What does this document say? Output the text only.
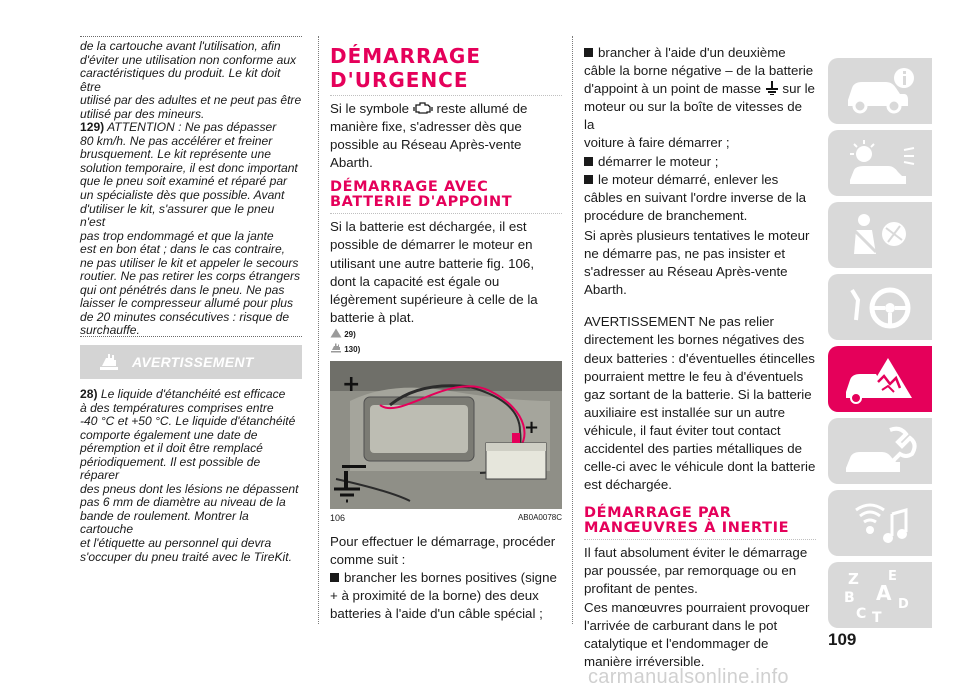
de la cartouche avant l'utilisation, afin

d'éviter une utilisation non conforme aux

caractéristiques du produit. Le kit doit être

utilisé par des adultes et ne peut pas être

utilisé par des mineurs.

129) ATTENTION : Ne pas dépasser

80 km/h. Ne pas accélérer et freiner

brusquement. Le kit représente une

solution temporaire, il est donc important

que le pneu soit examiné et réparé par

un spécialiste dès que possible. Avant

d'utiliser le kit, s'assurer que le pneu n'est

pas trop endommagé et que la jante

est en bon état ; dans le cas contraire,

ne pas utiliser le kit et appeler le secours

routier. Ne pas retirer les corps étrangers

qui ont pénétrés dans le pneu. Ne pas

laisser le compresseur allumé pour plus

de 20 minutes consécutives : risque de

surchauffe.

AVERTISSEMENT

28) Le liquide d'étanchéité est efficace

à des températures comprises entre

-40 °C et +50 °C. Le liquide d'étanchéité

comporte également une date de

péremption et il doit être remplacé

périodiquement. Il est possible de réparer

des pneus dont les lésions ne dépassent

pas 6 mm de diamètre au niveau de la

bande de roulement. Montrer la cartouche

et l'étiquette au personnel qui devra

s'occuper du pneu traité avec le TireKit.

DÉMARRAGE
D'URGENCE

Si le symbole reste allumé de

manière fixe, s'adresser dès que

possible au Réseau Après-vente

Abarth.

DÉMARRAGE AVEC
BATTERIE D'APPOINT

Si la batterie est déchargée, il est

possible de démarrer le moteur en

utilisant une autre batterie fig. 106,

dont la capacité est égale ou

légèrement supérieure à celle de la

batterie à plat.

29)

130)

+
+
106	AB0A0078C

Pour effectuer le démarrage, procéder

comme suit :

brancher les bornes positives (signe

+ à proximité de la borne) des deux

batteries à l'aide d'un câble spécial ;

brancher à l'aide d'un deuxième

câble la borne négative – de la batterie

d'appoint à un point de masse sur le

moteur ou sur la boîte de vitesses de la

voiture à faire démarrer ;

démarrer le moteur ;

le moteur démarré, enlever les

câbles en suivant l'ordre inverse de la

procédure de branchement.

Si après plusieurs tentatives le moteur

ne démarre pas, ne pas insister et

s'adresser au Réseau Après-vente

Abarth.

AVERTISSEMENT Ne pas relier

directement les bornes négatives des

deux batteries : d'éventuelles étincelles

pourraient mettre le feu à d'éventuels

gaz sortant de la batterie. Si la batterie

auxiliaire est installée sur un autre

véhicule, il faut éviter tout contact

accidentel des parties métalliques de

celle-ci avec le véhicule dont la batterie

est déchargée.

DÉMARRAGE PAR
MANŒUVRES À INERTIE

Il faut absolument éviter le démarrage

par poussée, par remorquage ou en

profitant de pentes.

Ces manœuvres pourraient provoquer

l'arrivée de carburant dans le pot

catalytique et l'endommager de

manière irréversible.

Z E
B A
C T
D
109
carmanualsonline.info
